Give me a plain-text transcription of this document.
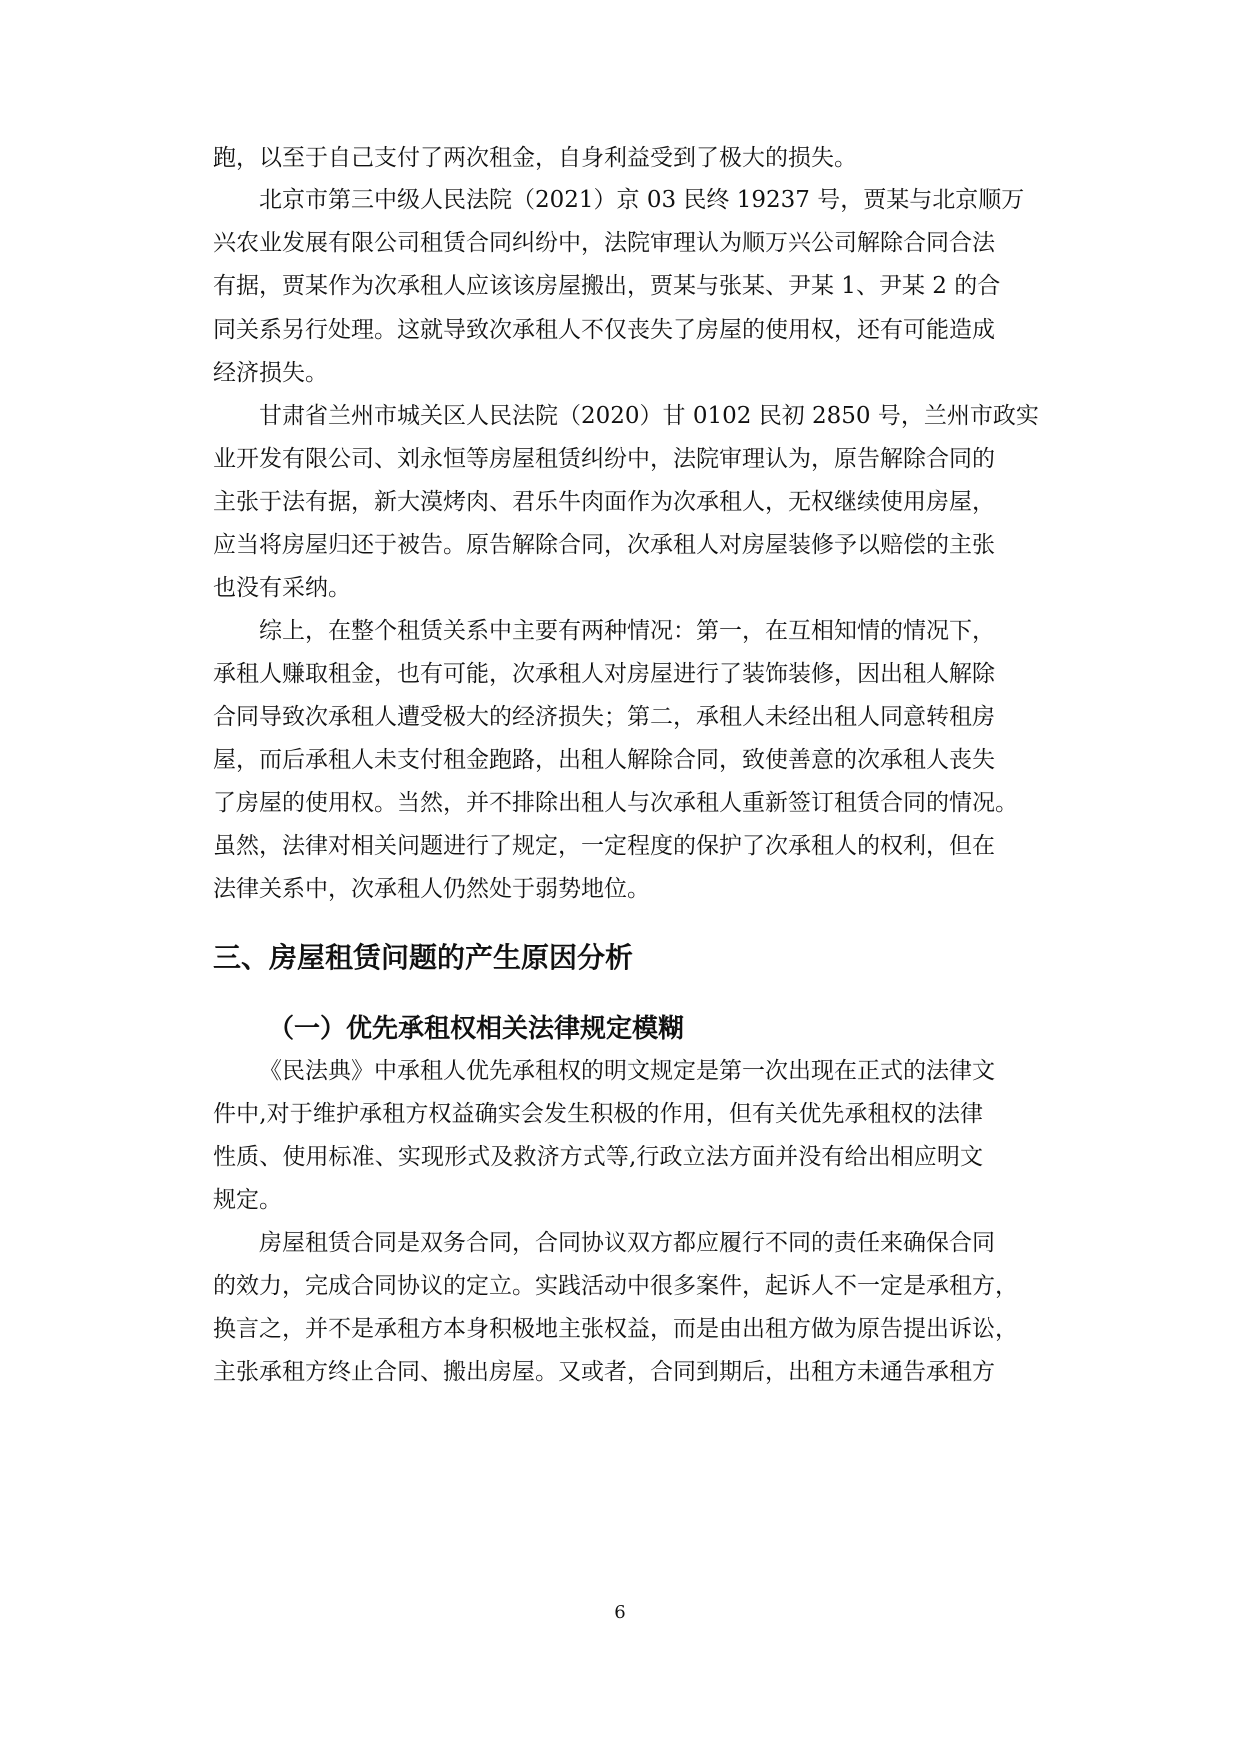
跑，以至于自己支付了两次租金，自身利益受到了极大的损失。
北京市第三中级人民法院（2021）京 03 民终 19237 号，贾某与北京顺万
兴农业发展有限公司租赁合同纠纷中，法院审理认为顺万兴公司解除合同合法
有据，贾某作为次承租人应该该房屋搬出，贾某与张某、尹某 1、尹某 2 的合
同关系另行处理。这就导致次承租人不仅丧失了房屋的使用权，还有可能造成
经济损失。
甘肃省兰州市城关区人民法院（2020）甘 0102 民初 2850 号，兰州市政实
业开发有限公司、刘永恒等房屋租赁纠纷中，法院审理认为，原告解除合同的
主张于法有据，新大漠烤肉、君乐牛肉面作为次承租人，无权继续使用房屋，
应当将房屋归还于被告。原告解除合同，次承租人对房屋装修予以赔偿的主张
也没有采纳。
综上，在整个租赁关系中主要有两种情况：第一，在互相知情的情况下，
承租人赚取租金，也有可能，次承租人对房屋进行了装饰装修，因出租人解除
合同导致次承租人遭受极大的经济损失；第二，承租人未经出租人同意转租房
屋，而后承租人未支付租金跑路，出租人解除合同，致使善意的次承租人丧失
了房屋的使用权。当然，并不排除出租人与次承租人重新签订租赁合同的情况。
虽然，法律对相关问题进行了规定，一定程度的保护了次承租人的权利，但在
法律关系中，次承租人仍然处于弱势地位。
三、房屋租赁问题的产生原因分析
（一）优先承租权相关法律规定模糊
《民法典》中承租人优先承租权的明文规定是第一次出现在正式的法律文
件中,对于维护承租方权益确实会发生积极的作用，但有关优先承租权的法律
性质、使用标准、实现形式及救济方式等,行政立法方面并没有给出相应明文
规定。
房屋租赁合同是双务合同，合同协议双方都应履行不同的责任来确保合同
的效力，完成合同协议的定立。实践活动中很多案件，起诉人不一定是承租方，
换言之，并不是承租方本身积极地主张权益，而是由出租方做为原告提出诉讼，
主张承租方终止合同、搬出房屋。又或者，合同到期后，出租方未通告承租方
6
